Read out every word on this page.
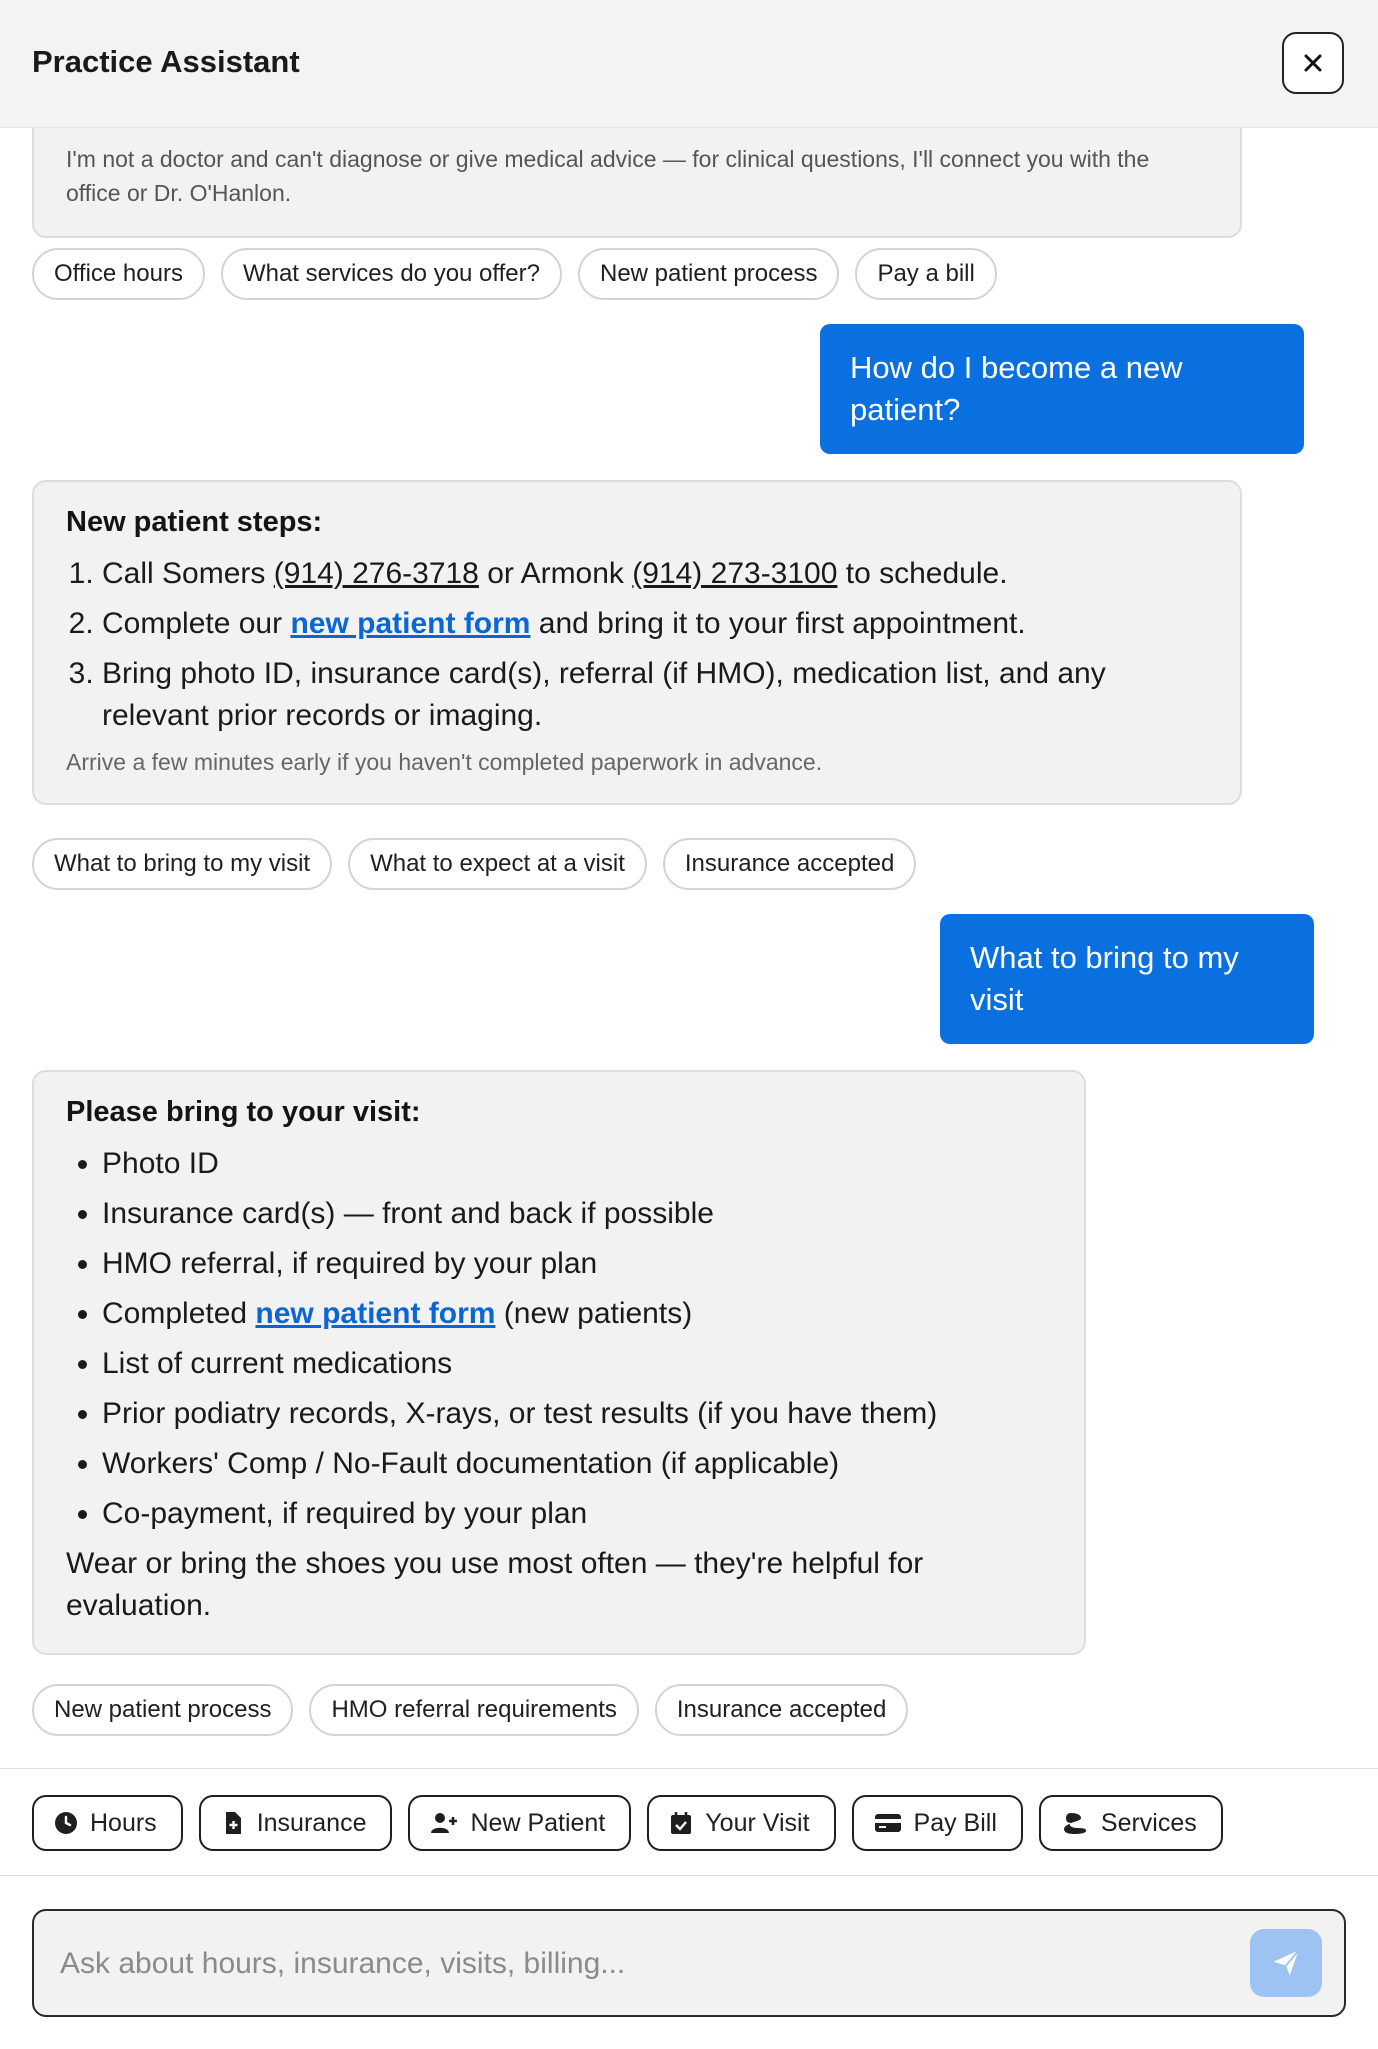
Practice Assistant
I'm not a doctor and can't diagnose or give medical advice — for clinical questions, I'll connect you with the office or Dr. O'Hanlon.
Office hours	What services do you offer?	New patient process	Pay a bill
How do I become a new patient?
New patient steps:
1. Call Somers (914) 276-3718 or Armonk (914) 273-3100 to schedule.
2. Complete our new patient form and bring it to your first appointment.
3. Bring photo ID, insurance card(s), referral (if HMO), medication list, and any relevant prior records or imaging.
Arrive a few minutes early if you haven't completed paperwork in advance.
What to bring to my visit	What to expect at a visit	Insurance accepted
What to bring to my visit
Please bring to your visit:
• Photo ID
• Insurance card(s) — front and back if possible
• HMO referral, if required by your plan
• Completed new patient form (new patients)
• List of current medications
• Prior podiatry records, X-rays, or test results (if you have them)
• Workers' Comp / No-Fault documentation (if applicable)
• Co-payment, if required by your plan
Wear or bring the shoes you use most often — they're helpful for evaluation.
New patient process	HMO referral requirements	Insurance accepted
Hours	Insurance	New Patient	Your Visit	Pay Bill	Services
Ask about hours, insurance, visits, billing...
